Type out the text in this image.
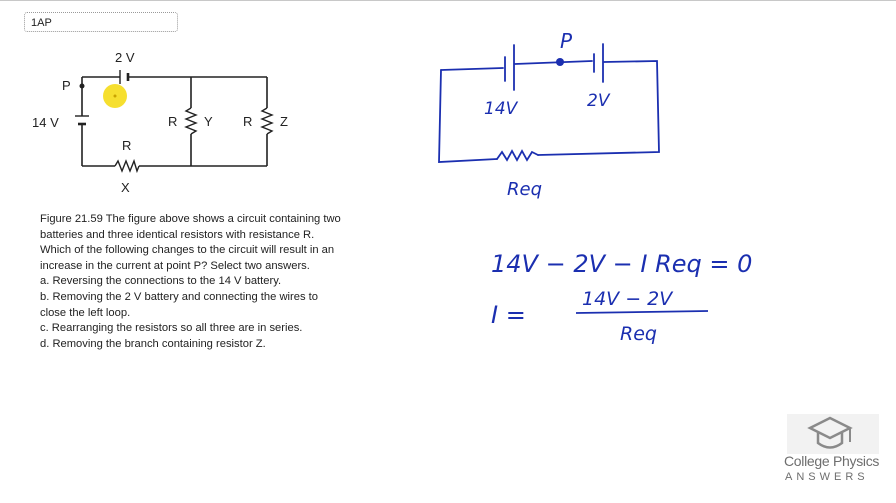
1AP
2 V
P
14 V
R
X
R Y R Z
P
14V	2V
Req
14V − 2V − I Req = 0
I =
14V − 2V
Req
Figure 21.59 The figure above shows a circuit containing two
batteries and three identical resistors with resistance R.
Which of the following changes to the circuit will result in an
increase in the current at point P? Select two answers.
a. Reversing the connections to the 14 V battery.
b. Removing the 2 V battery and connecting the wires to
close the left loop.
c. Rearranging the resistors so all three are in series.
d. Removing the branch containing resistor Z.
College Physics
ANSWERS
